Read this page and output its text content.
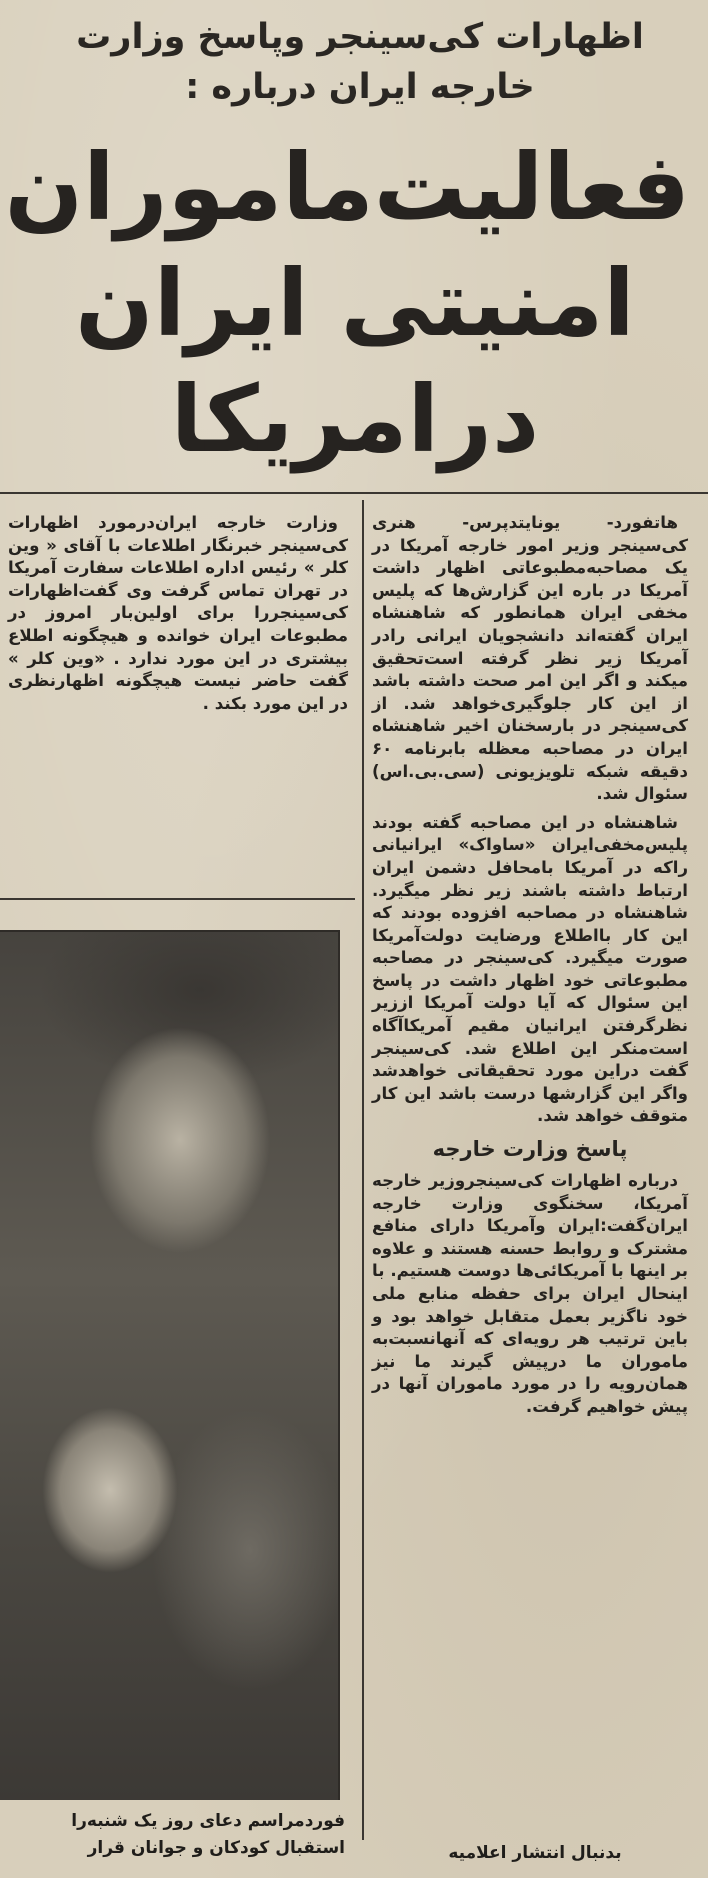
اظهارات کی‌سینجر وپاسخ وزارت خارجه ایران درباره :
فعالیت‌ماموران
امنیتی ایران
درامریکا

هاتفورد- یونایتدپرس- هنری کی‌سینجر وزیر امور خارجه آمریکا در یک مصاحبه‌مطبوعاتی اظهار داشت آمریکا در باره این گزارش‌ها که پلیس مخفی ایران همانطور که شاهنشاه ایران گفته‌اند دانشجویان ایرانی رادر آمریکا زیر نظر گرفته است‌تحقیق میکند و اگر این امر صحت داشته باشد از این کار جلوگیری‌خواهد شد. از کی‌سینجر در بارسخنان اخیر شاهنشاه ایران در مصاحبه معظله بابرنامه ۶۰ دقیقه شبکه تلویزیونی (سی.بی.اس) سئوال شد.

شاهنشاه در این مصاحبه گفته بودند پلیس‌مخفی‌ایران «ساواک» ایرانیانی راکه در آمریکا بامحافل دشمن ایران ارتباط داشته باشند زیر نظر میگیرد. شاهنشاه در مصاحبه افزوده بودند که این کار بااطلاع ورضایت دولت‌آمریکا صورت میگیرد. کی‌سینجر در مصاحبه مطبوعاتی خود اظهار داشت در پاسخ این سئوال که آیا دولت آمریکا اززیر نظرگرفتن ایرانیان مقیم آمریکاآگاه است‌منکر این اطلاع شد. کی‌سینجر گفت دراین مورد تحقیقاتی خواهدشد واگر این گزارشها درست باشد این کار متوقف خواهد شد.

پاسخ وزارت خارجه

درباره اظهارات کی‌سینجروزیر خارجه آمریکا، سخنگوی وزارت خارجه ایران‌گفت:ایران وآمریکا دارای منافع مشترک و روابط حسنه هستند و علاوه بر اینها با آمریکائی‌ها دوست هستیم. با اینحال ایران برای حفظه منابع ملی خود ناگزیر بعمل متقابل خواهد بود و باین ترتیب هر رویه‌ای که آنهانسبت‌به ماموران ما درپیش گیرند ما نیز همان‌رویه را در مورد ماموران آنها در پیش خواهیم گرفت.

وزارت خارجه ایران‌درمورد اظهارات کی‌سینجر خبرنگار اطلاعات با آقای « وین کلر » رئیس اداره اطلاعات سفارت آمریکا در تهران تماس گرفت وی گفت‌اظهارات کی‌سینجررا برای اولین‌بار امروز در مطبوعات ایران خوانده و هیچگونه اطلاع بیشتری در این مورد ندارد . «وین کلر » گفت حاضر نیست هیچگونه اظهارنظری در این مورد بکند .

فوردمراسم دعای روز یک شنبه‌را
استقبال کودکان و جوانان قرار	بدنبال انتشار اعلامیه
